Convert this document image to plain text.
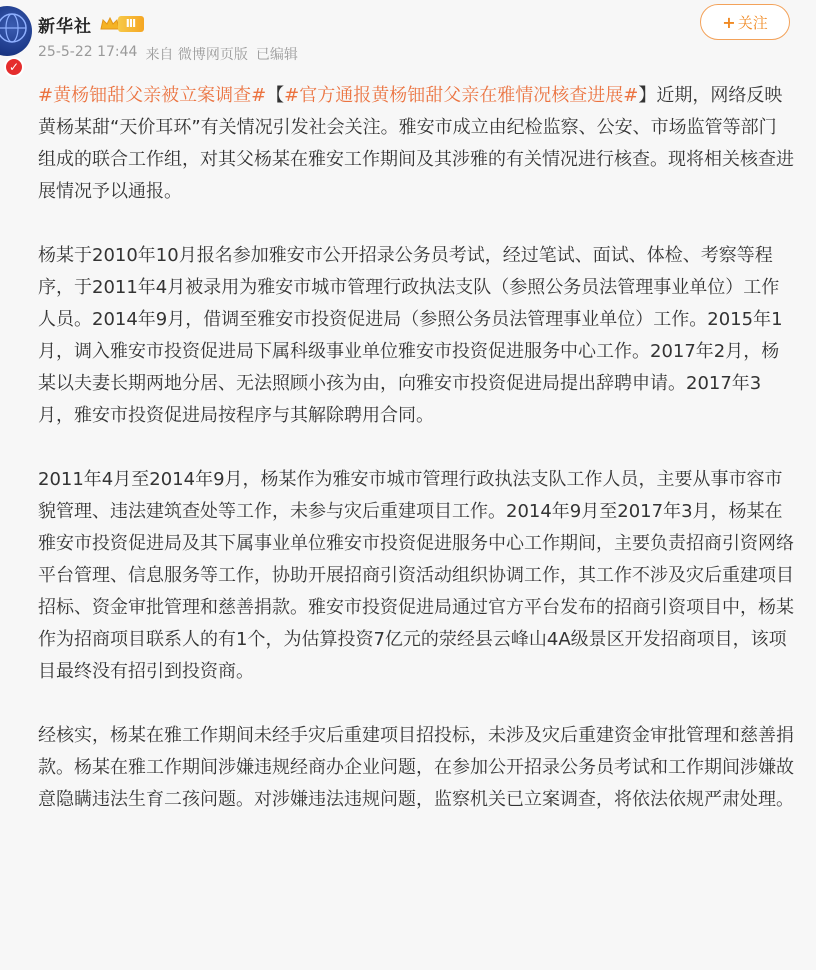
✓
新华社	Ⅲ
25-5-22 17:44 来自 微博网页版 已编辑
+ 关注

#黄杨钿甜父亲被立案调查#【#官方通报黄杨钿甜父亲在雅情况核查进展#】近期，网络反映黄杨某甜“天价耳环”有关情况引发社会关注。雅安市成立由纪检监察、公安、市场监管等部门组成的联合工作组，对其父杨某在雅安工作期间及其涉雅的有关情况进行核查。现将相关核查进展情况予以通报。

杨某于2010年10月报名参加雅安市公开招录公务员考试，经过笔试、面试、体检、考察等程序，于2011年4月被录用为雅安市城市管理行政执法支队（参照公务员法管理事业单位）工作人员。2014年9月，借调至雅安市投资促进局（参照公务员法管理事业单位）工作。2015年1月，调入雅安市投资促进局下属科级事业单位雅安市投资促进服务中心工作。2017年2月，杨某以夫妻长期两地分居、无法照顾小孩为由，向雅安市投资促进局提出辞聘申请。2017年3月，雅安市投资促进局按程序与其解除聘用合同。

2011年4月至2014年9月，杨某作为雅安市城市管理行政执法支队工作人员，主要从事市容市貌管理、违法建筑查处等工作，未参与灾后重建项目工作。2014年9月至2017年3月，杨某在雅安市投资促进局及其下属事业单位雅安市投资促进服务中心工作期间，主要负责招商引资网络平台管理、信息服务等工作，协助开展招商引资活动组织协调工作，其工作不涉及灾后重建项目招标、资金审批管理和慈善捐款。雅安市投资促进局通过官方平台发布的招商引资项目中，杨某作为招商项目联系人的有1个，为估算投资7亿元的荥经县云峰山4A级景区开发招商项目，该项目最终没有招引到投资商。

经核实，杨某在雅工作期间未经手灾后重建项目招投标，未涉及灾后重建资金审批管理和慈善捐款。杨某在雅工作期间涉嫌违规经商办企业问题，在参加公开招录公务员考试和工作期间涉嫌故意隐瞒违法生育二孩问题。对涉嫌违法违规问题，监察机关已立案调查，将依法依规严肃处理。
